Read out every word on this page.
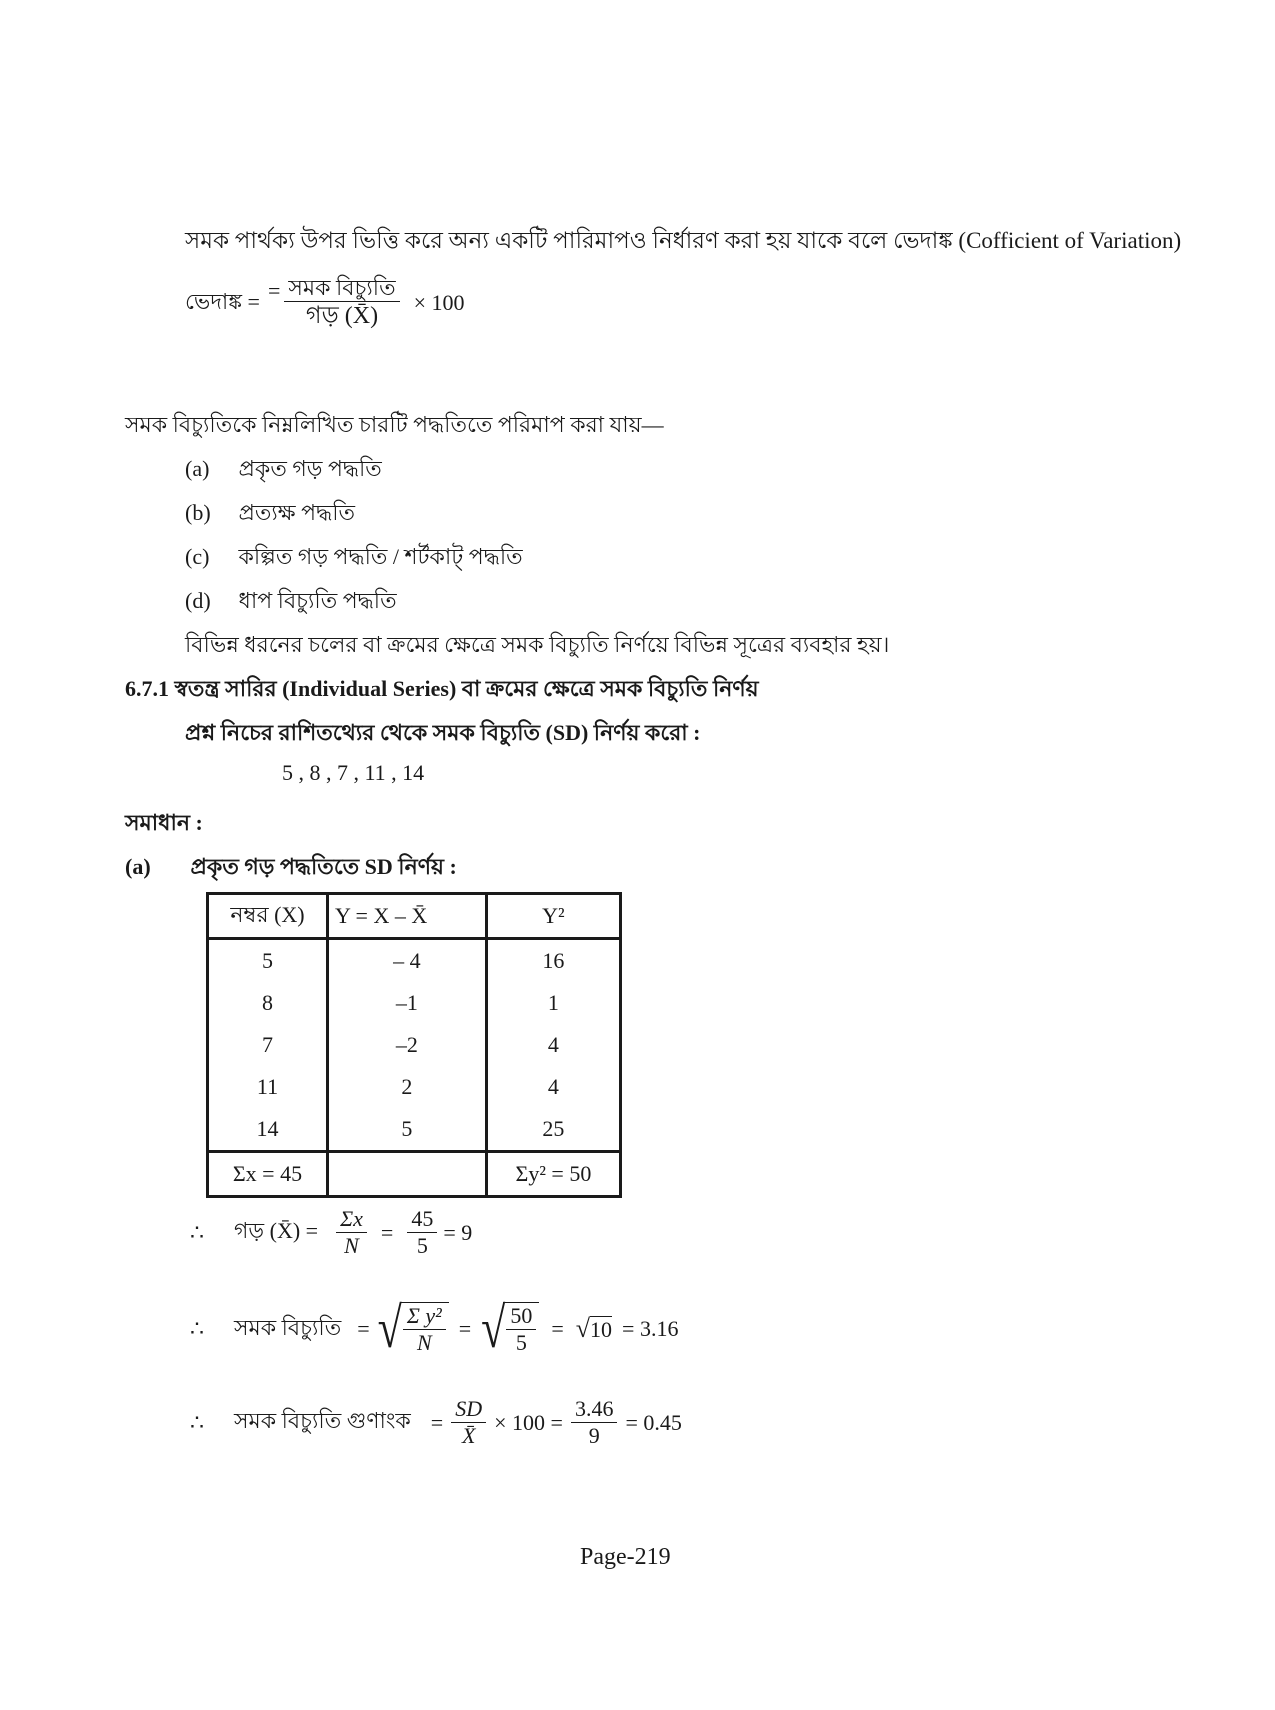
সমক পার্থক্য উপর ভিত্তি করে অন্য একটি পারিমাপও নির্ধারণ করা হয় যাকে বলে ভেদাঙ্ক (Cofficient of Variation)
ভেদাঙ্ক = = $\frac{\text{সমক বিচ্যুতি}}{\text{গড় (X̄)}} \times 100$
সমক বিচ্যুতিকে নিম্নলিখিত চারটি পদ্ধতিতে পরিমাপ করা যায়—
(a) প্রকৃত গড় পদ্ধতি
(b) প্রত্যক্ষ পদ্ধতি
(c) কল্পিত গড় পদ্ধতি / শর্টকাট্ পদ্ধতি
(d) ধাপ বিচ্যুতি পদ্ধতি
বিভিন্ন ধরনের চলের বা ক্রমের ক্ষেত্রে সমক বিচ্যুতি নির্ণয়ে বিভিন্ন সূত্রের ব্যবহার হয়।
6.7.1 স্বতন্ত্র সারির (Individual Series) বা ক্রমের ক্ষেত্রে সমক বিচ্যুতি নির্ণয়
প্রশ্ন নিচের রাশিতথ্যের থেকে সমক বিচ্যুতি (SD) নির্ণয় করো :
5 , 8 , 7 , 11 , 14
সমাধান :
(a) প্রকৃত গড় পদ্ধতিতে SD নির্ণয় :
নম্বর (X)	Y = X – X̄	Y²
5	– 4	16
8	–1	1
7	–2	4
11	2	4
14	5	25
Σx = 45		Σy² = 50
∴ গড় (X̄) = $\frac{\Sigma x}{N} = \frac{45}{5} = 9$
∴ সমক বিচ্যুতি = √
$\frac{\text{Σ y²}}{N}$ = √
$\frac{50}{5}$ = √ 10 = 3.16
∴ সমক বিচ্যুতি গুণাংক = $\frac{SD}{X̄} \times 100 = \frac{3.46}{9} = 0.45$
Page-219
